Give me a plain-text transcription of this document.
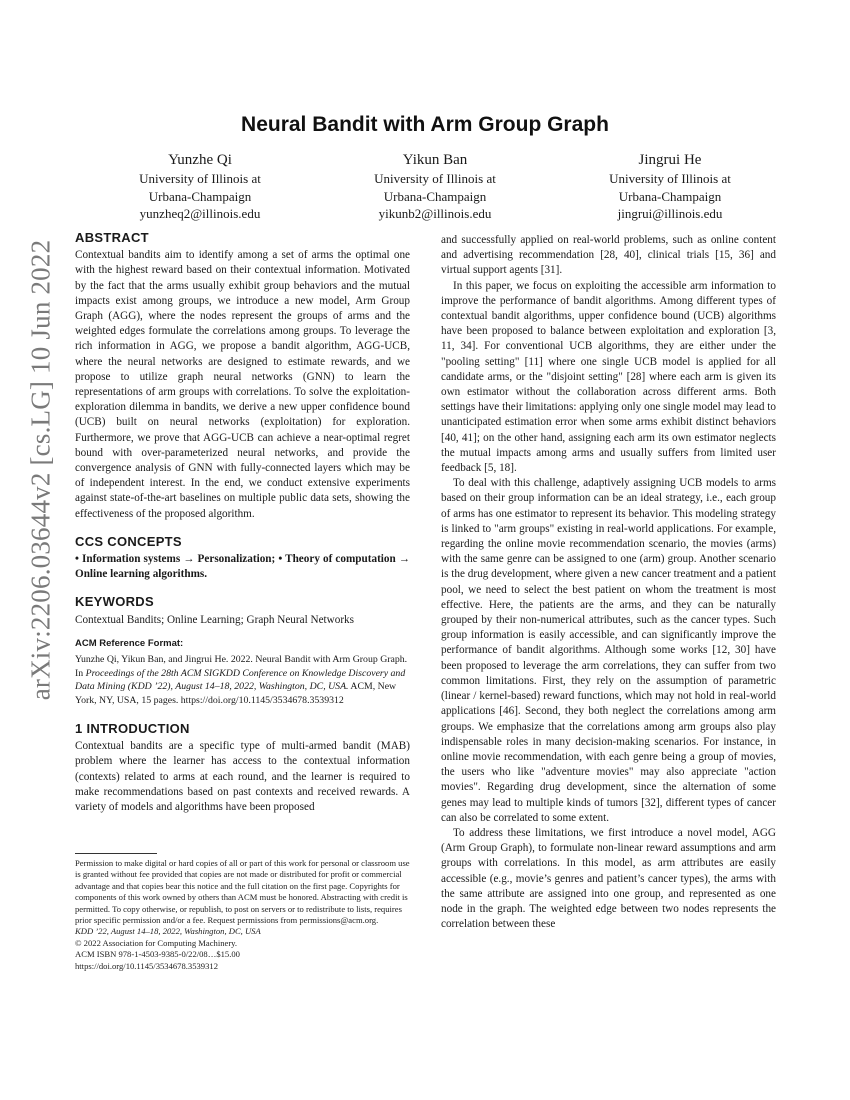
arXiv:2206.03644v2 [cs.LG] 10 Jun 2022
Neural Bandit with Arm Group Graph
Yunzhe Qi
University of Illinois at
Urbana-Champaign
yunzheq2@illinois.edu
Yikun Ban
University of Illinois at
Urbana-Champaign
yikunb2@illinois.edu
Jingrui He
University of Illinois at
Urbana-Champaign
jingrui@illinois.edu
ABSTRACT

Contextual bandits aim to identify among a set of arms the optimal one with the highest reward based on their contextual information. Motivated by the fact that the arms usually exhibit group behaviors and the mutual impacts exist among groups, we introduce a new model, Arm Group Graph (AGG), where the nodes represent the groups of arms and the weighted edges formulate the correlations among groups. To leverage the rich information in AGG, we propose a bandit algorithm, AGG-UCB, where the neural networks are designed to estimate rewards, and we propose to utilize graph neural networks (GNN) to learn the representations of arm groups with correlations. To solve the exploitation-exploration dilemma in bandits, we derive a new upper confidence bound (UCB) built on neural networks (exploitation) for exploration. Furthermore, we prove that AGG-UCB can achieve a near-optimal regret bound with over-parameterized neural networks, and provide the convergence analysis of GNN with fully-connected layers which may be of independent interest. In the end, we conduct extensive experiments against state-of-the-art baselines on multiple public data sets, showing the effectiveness of the proposed algorithm.

CCS CONCEPTS

• Information systems → Personalization; • Theory of computation → Online learning algorithms.

KEYWORDS

Contextual Bandits; Online Learning; Graph Neural Networks

ACM Reference Format:

Yunzhe Qi, Yikun Ban, and Jingrui He. 2022. Neural Bandit with Arm Group Graph. In Proceedings of the 28th ACM SIGKDD Conference on Knowledge Discovery and Data Mining (KDD ’22), August 14–18, 2022, Washington, DC, USA. ACM, New York, NY, USA, 15 pages. https://doi.org/10.1145/3534678.3539312

1 INTRODUCTION

Contextual bandits are a specific type of multi-armed bandit (MAB) problem where the learner has access to the contextual information (contexts) related to arms at each round, and the learner is required to make recommendations based on past contexts and received rewards. A variety of models and algorithms have been proposed

Permission to make digital or hard copies of all or part of this work for personal or classroom use is granted without fee provided that copies are not made or distributed for profit or commercial advantage and that copies bear this notice and the full citation on the first page. Copyrights for components of this work owned by others than ACM must be honored. Abstracting with credit is permitted. To copy otherwise, or republish, to post on servers or to redistribute to lists, requires prior specific permission and/or a fee. Request permissions from permissions@acm.org.
KDD ’22, August 14–18, 2022, Washington, DC, USA
© 2022 Association for Computing Machinery.
ACM ISBN 978-1-4503-9385-0/22/08…$15.00
https://doi.org/10.1145/3534678.3539312

and successfully applied on real-world problems, such as online content and advertising recommendation [28, 40], clinical trials [15, 36] and virtual support agents [31].

In this paper, we focus on exploiting the accessible arm information to improve the performance of bandit algorithms. Among different types of contextual bandit algorithms, upper confidence bound (UCB) algorithms have been proposed to balance between exploitation and exploration [3, 11, 34]. For conventional UCB algorithms, they are either under the "pooling setting" [11] where one single UCB model is applied for all candidate arms, or the "disjoint setting" [28] where each arm is given its own estimator without the collaboration across different arms. Both settings have their limitations: applying only one single model may lead to unanticipated estimation error when some arms exhibit distinct behaviors [40, 41]; on the other hand, assigning each arm its own estimator neglects the mutual impacts among arms and usually suffers from limited user feedback [5, 18].

To deal with this challenge, adaptively assigning UCB models to arms based on their group information can be an ideal strategy, i.e., each group of arms has one estimator to represent its behavior. This modeling strategy is linked to "arm groups" existing in real-world applications. For example, regarding the online movie recommendation scenario, the movies (arms) with the same genre can be assigned to one (arm) group. Another scenario is the drug development, where given a new cancer treatment and a patient pool, we need to select the best patient on whom the treatment is most effective. Here, the patients are the arms, and they can be naturally grouped by their non-numerical attributes, such as the cancer types. Such group information is easily accessible, and can significantly improve the performance of bandit algorithms. Although some works [12, 30] have been proposed to leverage the arm correlations, they can suffer from two common limitations. First, they rely on the assumption of parametric (linear / kernel-based) reward functions, which may not hold in real-world applications [46]. Second, they both neglect the correlations among arm groups. We emphasize that the correlations among arm groups also play indispensable roles in many decision-making scenarios. For instance, in online movie recommendation, with each genre being a group of movies, the users who like "adventure movies" may also appreciate "action movies". Regarding drug development, since the alternation of some genes may lead to multiple kinds of tumors [32], different types of cancer can also be correlated to some extent.

To address these limitations, we first introduce a novel model, AGG (Arm Group Graph), to formulate non-linear reward assumptions and arm groups with correlations. In this model, as arm attributes are easily accessible (e.g., movie’s genres and patient’s cancer types), the arms with the same attribute are assigned into one group, and represented as one node in the graph. The weighted edge between two nodes represents the correlation between these
